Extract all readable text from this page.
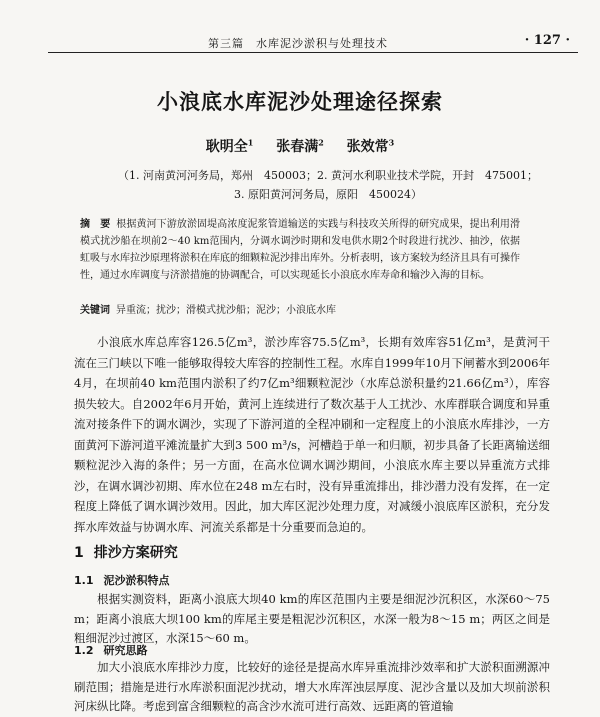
第三篇　水库泥沙淤积与处理技术	· 127 ·
小浪底水库泥沙处理途径探索
耿明全$^1$ 张春满$^2$ 张效常$^3$
（1. 河南黄河河务局，郑州　450003；2. 黄河水利职业技术学院，开封　475001；3. 原阳黄河河务局，原阳　450024）
摘　要 根据黄河下游放淤固堤高浓度泥浆管道输送的实践与科技攻关所得的研究成果，提出利用滑模式扰沙船在坝前2～40 km范围内，分调水调沙时期和发电供水期2个时段进行扰沙、抽沙，依据虹吸与水库拉沙原理将淤积在库底的细颗粒泥沙排出库外。分析表明，该方案较为经济且具有可操作性，通过水库调度与济淤措施的协调配合，可以实现延长小浪底水库寿命和输沙入海的目标。
关键词 异重流；扰沙；滑模式扰沙船；泥沙；小浪底水库

小浪底水库总库容126.5亿m³，淤沙库容75.5亿m³，长期有效库容51亿m³，是黄河干流在三门峡以下唯一能够取得较大库容的控制性工程。水库自1999年10月下闸蓄水到2006年4月，在坝前40 km范围内淤积了约7亿m³细颗粒泥沙（水库总淤积量约21.66亿m³），库容损失较大。自2002年6月开始，黄河上连续进行了数次基于人工扰沙、水库群联合调度和异重流对接条件下的调水调沙，实现了下游河道的全程冲刷和一定程度上的小浪底水库排沙，一方面黄河下游河道平滩流量扩大到3 500 m³/s，河槽趋于单一和归顺，初步具备了长距离输送细颗粒泥沙入海的条件；另一方面，在高水位调水调沙期间，小浪底水库主要以异重流方式排沙，在调水调沙初期、库水位在248 m左右时，没有异重流排出，排沙潜力没有发挥，在一定程度上降低了调水调沙效用。因此，加大库区泥沙处理力度，对减缓小浪底库区淤积，充分发挥水库效益与协调水库、河流关系都是十分重要而急迫的。

1 排沙方案研究
1.1 泥沙淤积特点

根据实测资料，距离小浪底大坝40 km的库区范围内主要是细泥沙沉积区，水深60～75 m；距离小浪底大坝100 km的库尾主要是粗泥沙沉积区，水深一般为8～15 m；两区之间是粗细泥沙过渡区，水深15～60 m。

1.2 研究思路

加大小浪底水库排沙力度，比较好的途径是提高水库异重流排沙效率和扩大淤积面溯源冲刷范围；措施是进行水库淤积面泥沙扰动，增大水库浑浊层厚度、泥沙含量以及加大坝前淤积河床纵比降。考虑到富含细颗粒的高含沙水流可进行高效、远距离的管道输
